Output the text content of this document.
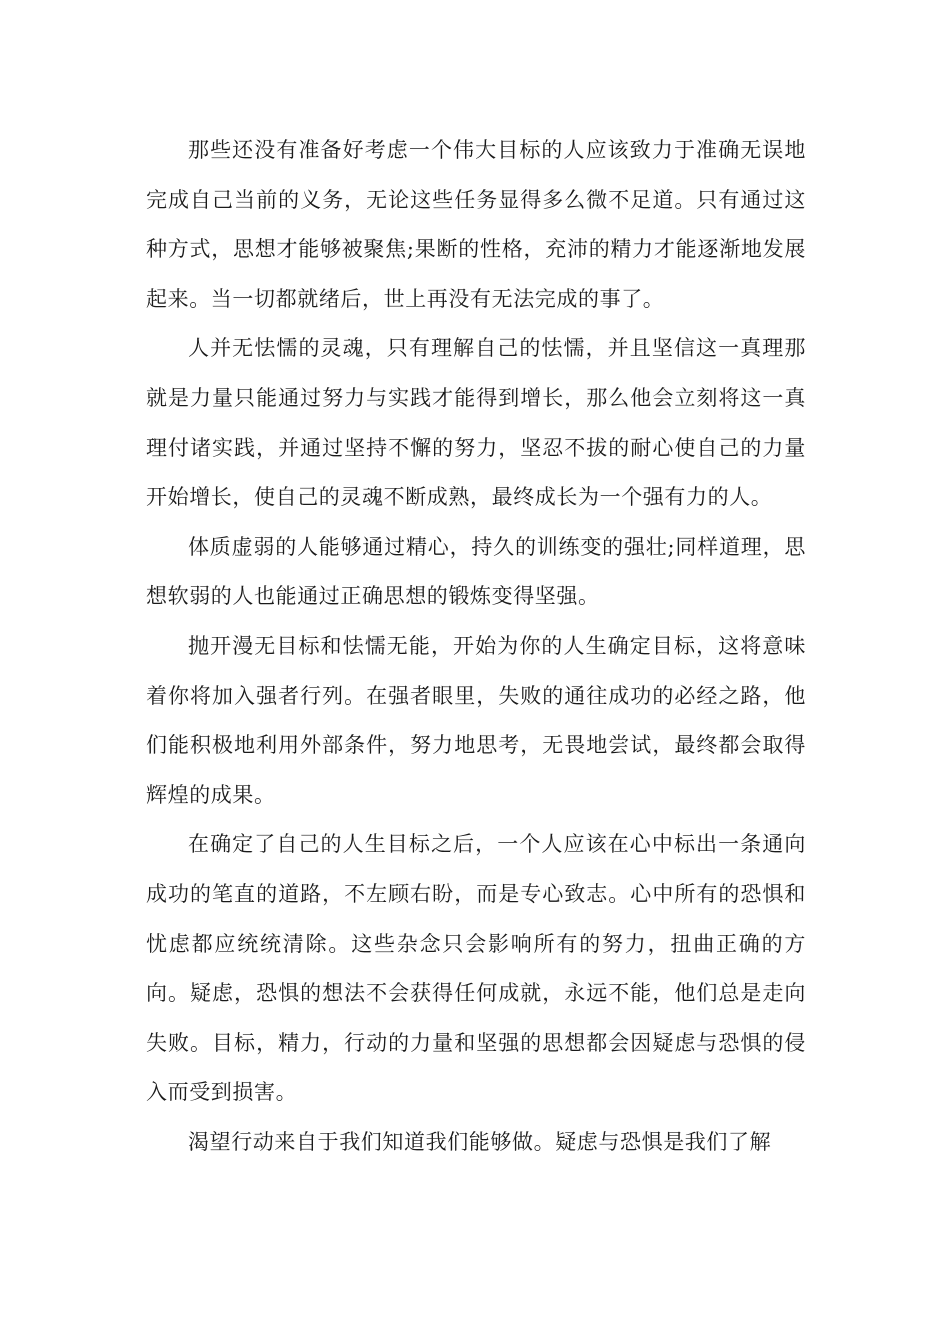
那些还没有准备好考虑一个伟大目标的人应该致力于准确无误地完成自己当前的义务，无论这些任务显得多么微不足道。只有通过这种方式，思想才能够被聚焦;果断的性格，充沛的精力才能逐渐地发展起来。当一切都就绪后，世上再没有无法完成的事了。

人并无怯懦的灵魂，只有理解自己的怯懦，并且坚信这一真理那就是力量只能通过努力与实践才能得到增长，那么他会立刻将这一真理付诸实践，并通过坚持不懈的努力，坚忍不拔的耐心使自己的力量开始增长，使自己的灵魂不断成熟，最终成长为一个强有力的人。

体质虚弱的人能够通过精心，持久的训练变的强壮;同样道理，思想软弱的人也能通过正确思想的锻炼变得坚强。

抛开漫无目标和怯懦无能，开始为你的人生确定目标，这将意味着你将加入强者行列。在强者眼里，失败的通往成功的必经之路，他们能积极地利用外部条件，努力地思考，无畏地尝试，最终都会取得辉煌的成果。

在确定了自己的人生目标之后，一个人应该在心中标出一条通向成功的笔直的道路，不左顾右盼，而是专心致志。心中所有的恐惧和忧虑都应统统清除。这些杂念只会影响所有的努力，扭曲正确的方向。疑虑，恐惧的想法不会获得任何成就，永远不能，他们总是走向失败。目标，精力，行动的力量和坚强的思想都会因疑虑与恐惧的侵入而受到损害。

渴望行动来自于我们知道我们能够做。疑虑与恐惧是我们了解
